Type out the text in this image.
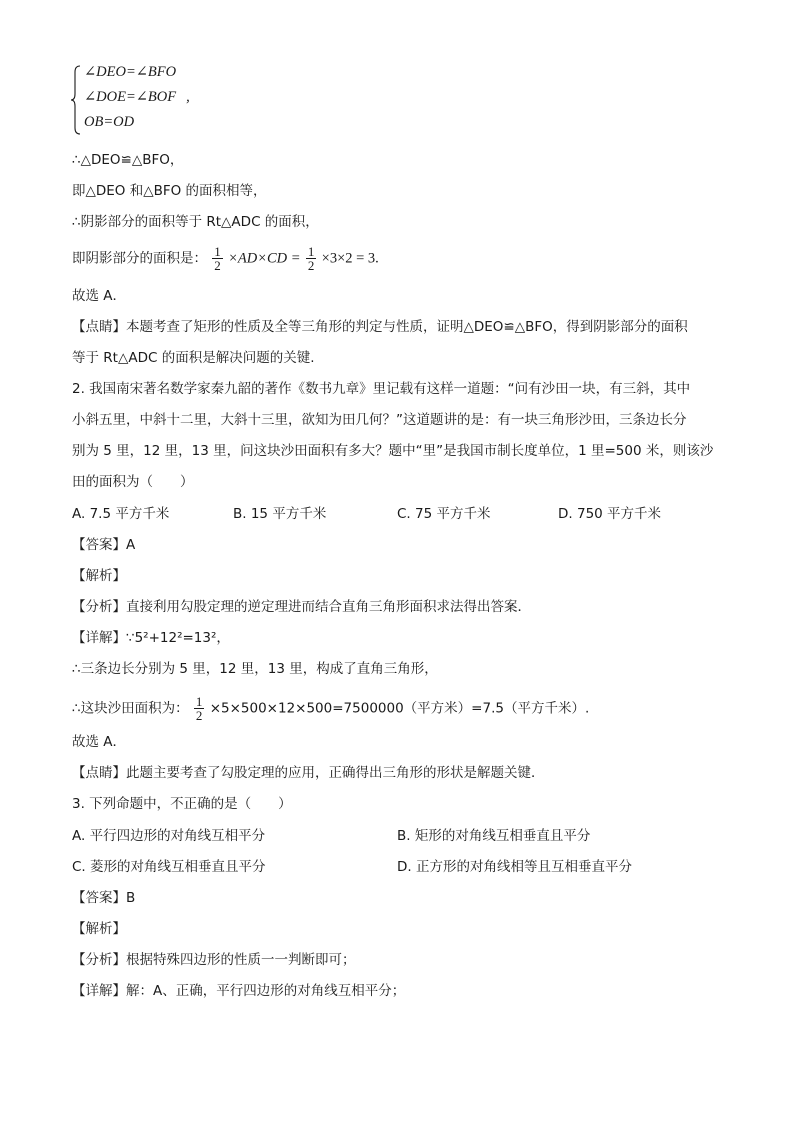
∠DEO=∠BFO
∠DOE=∠BOF ,
OB=OD
∴△DEO≌△BFO，
即△DEO 和△BFO 的面积相等，
∴阴影部分的面积等于 Rt△ADC 的面积，
即阴影部分的面积是： $\frac{1}{2} \times AD\times CD = \frac{1}{2} \times 3\times 2 = 3$.
故选 A．
【点睛】本题考查了矩形的性质及全等三角形的判定与性质，证明△DEO≌△BFO，得到阴影部分的面积
等于 Rt△ADC 的面积是解决问题的关键.
2. 我国南宋著名数学家秦九韶的著作《数书九章》里记载有这样一道题：“问有沙田一块，有三斜，其中
小斜五里，中斜十二里，大斜十三里，欲知为田几何？”这道题讲的是：有一块三角形沙田，三条边长分
别为 5 里，12 里，13 里，问这块沙田面积有多大？题中“里”是我国市制长度单位，1 里=500 米，则该沙
田的面积为（　　）
A. 7.5 平方千米	B. 15 平方千米	C. 75 平方千米	D. 750 平方千米
【答案】A
【解析】
【分析】直接利用勾股定理的逆定理进而结合直角三角形面积求法得出答案．
【详解】∵5²+12²=13²，
∴三条边长分别为 5 里，12 里，13 里，构成了直角三角形，
∴这块沙田面积为： $\frac{1}{2} \times 5\times 500\times 12\times 500=7500000$（平方米）=7.5（平方千米）.
故选 A．
【点睛】此题主要考查了勾股定理的应用，正确得出三角形的形状是解题关键．
3. 下列命题中，不正确的是（　　）
A. 平行四边形的对角线互相平分	B. 矩形的对角线互相垂直且平分
C. 菱形的对角线互相垂直且平分	D. 正方形的对角线相等且互相垂直平分
【答案】B
【解析】
【分析】根据特殊四边形的性质一一判断即可；
【详解】解：A、正确，平行四边形的对角线互相平分；
